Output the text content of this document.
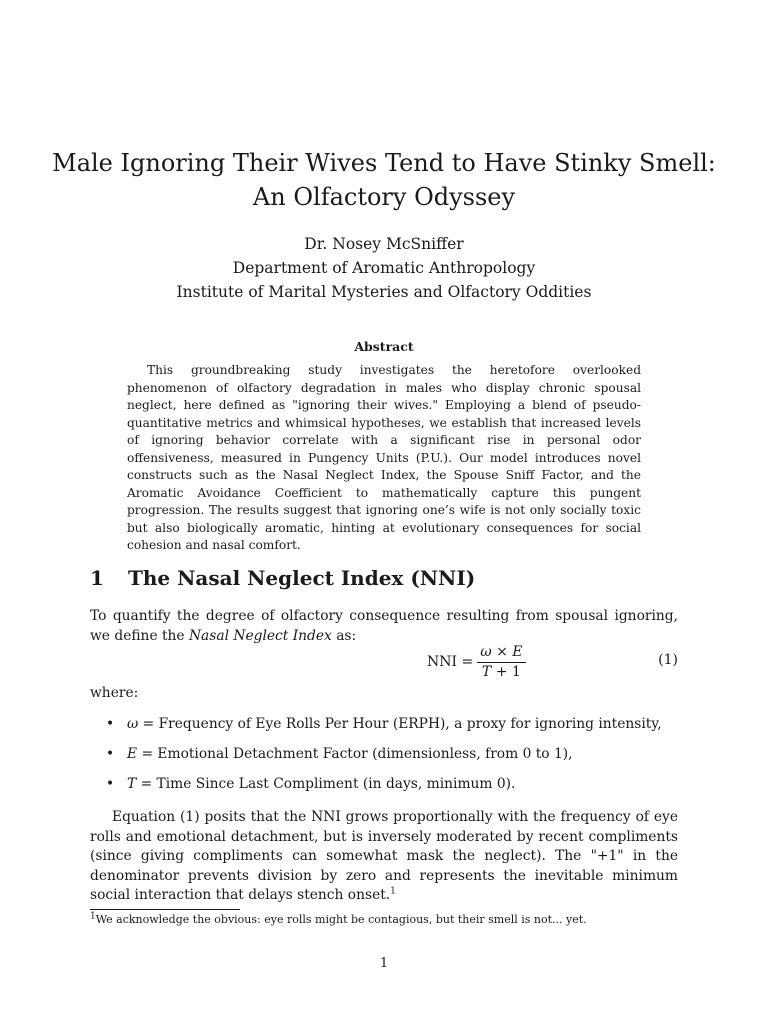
Male Ignoring Their Wives Tend to Have Stinky Smell:
An Olfactory Odyssey
Dr. Nosey McSniffer
Department of Aromatic Anthropology
Institute of Marital Mysteries and Olfactory Oddities
Abstract

This groundbreaking study investigates the heretofore overlooked phenomenon of olfactory degradation in males who display chronic spousal neglect, here defined as "ignoring their wives." Employing a blend of pseudo-quantitative metrics and whimsical hypotheses, we establish that increased levels of ignoring behavior correlate with a significant rise in personal odor offensiveness, measured in Pungency Units (P.U.). Our model introduces novel constructs such as the Nasal Neglect Index, the Spouse Sniff Factor, and the Aromatic Avoidance Coefficient to mathematically capture this pungent progression. The results suggest that ignoring one’s wife is not only socially toxic but also biologically aromatic, hinting at evolutionary consequences for social cohesion and nasal comfort.

1 The Nasal Neglect Index (NNI)

To quantify the degree of olfactory consequence resulting from spousal ignoring, we define the Nasal Neglect Index as:

NNI = $\frac{\omega \times E}{T + 1}$	(1)

where:

• ω = Frequency of Eye Rolls Per Hour (ERPH), a proxy for ignoring intensity,
• E = Emotional Detachment Factor (dimensionless, from 0 to 1),
• T = Time Since Last Compliment (in days, minimum 0).

Equation (1) posits that the NNI grows proportionally with the frequency of eye rolls and emotional detachment, but is inversely moderated by recent compliments (since giving compliments can somewhat mask the neglect). The "+1" in the denominator prevents division by zero and represents the inevitable minimum social interaction that delays stench onset.$^1$

$^1$We acknowledge the obvious: eye rolls might be contagious, but their smell is not... yet.

1
